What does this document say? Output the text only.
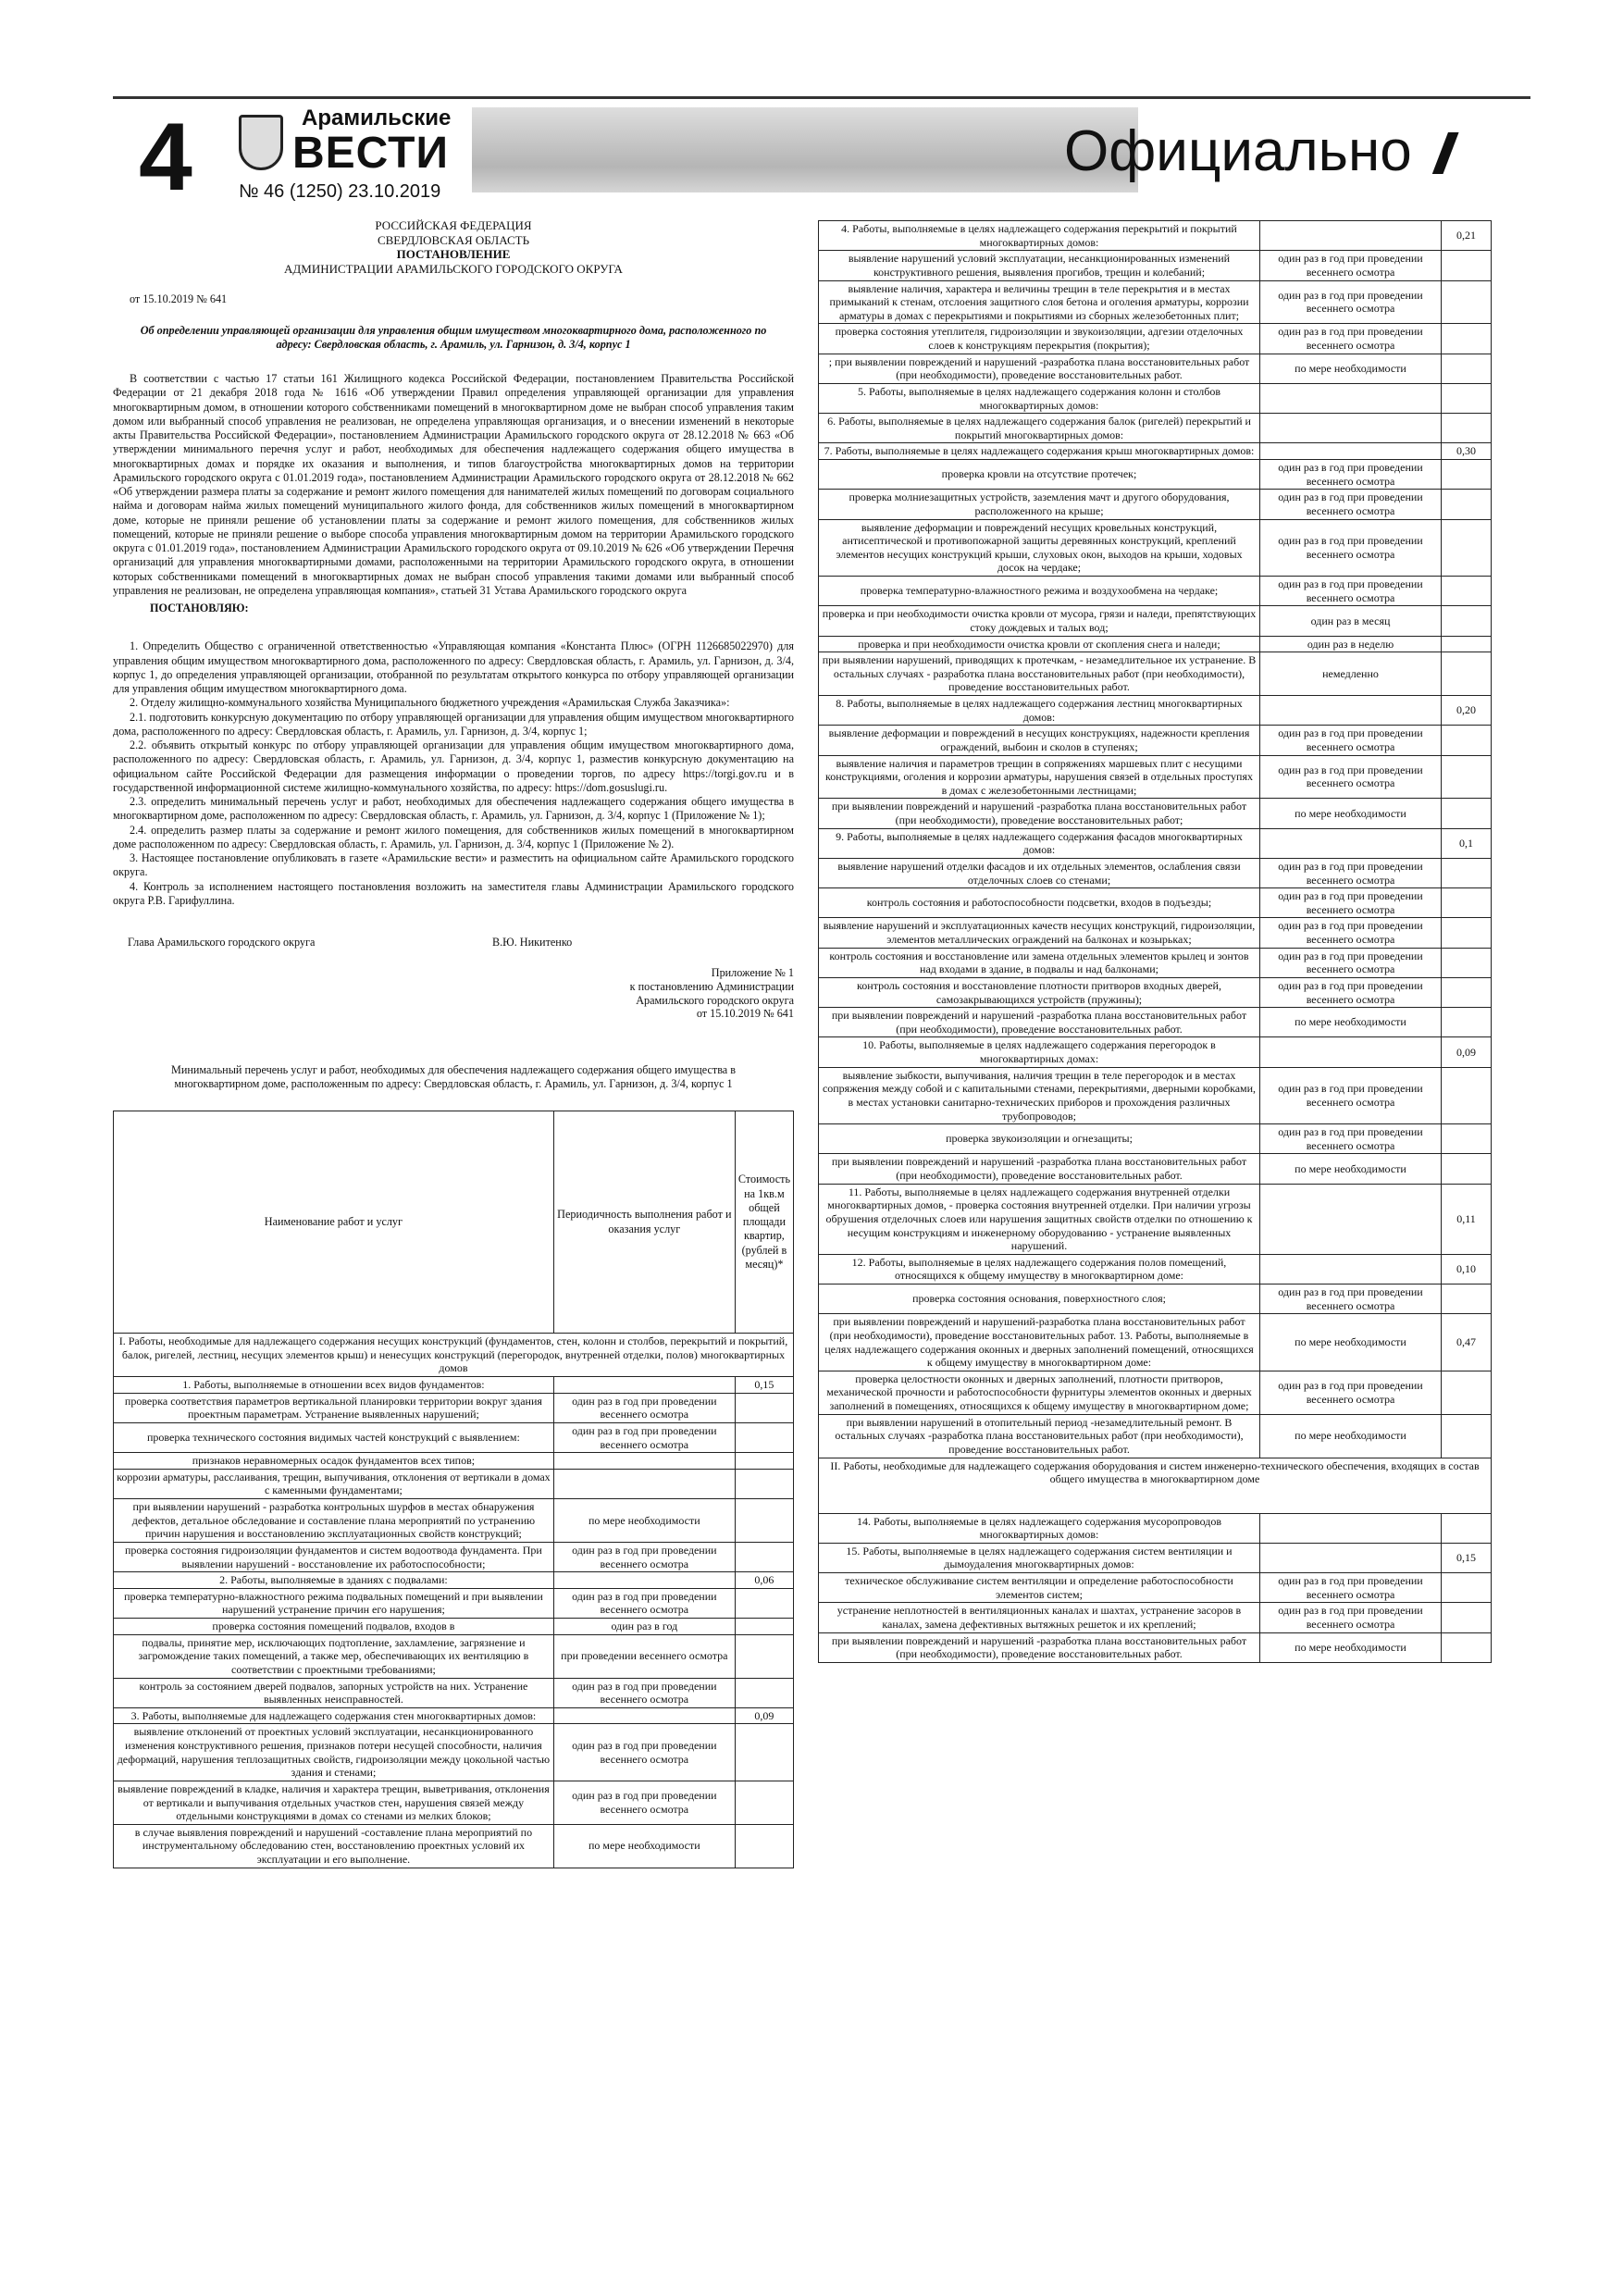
4	Арамильские
ВЕСТИ
№ 46 (1250) 23.10.2019
Официально //
РОССИЙСКАЯ ФЕДЕРАЦИЯ
СВЕРДЛОВСКАЯ ОБЛАСТЬ
ПОСТАНОВЛЕНИЕ
АДМИНИСТРАЦИИ АРАМИЛЬСКОГО ГОРОДСКОГО ОКРУГА
от 15.10.2019 № 641
Об определении управляющей организации для управления общим имуществом многоквартирного дома, расположенного по адресу: Свердловская область, г. Арамиль, ул. Гарнизон, д. 3/4, корпус 1
В соответствии с частью 17 статьи 161 Жилищного кодекса Российской Федерации, постановлением Правительства Российской Федерации от 21 декабря 2018 года № 1616 «Об утверждении Правил определения управляющей организации для управления многоквартирным домом, в отношении которого собственниками помещений в многоквартирном доме не выбран способ управления таким домом или выбранный способ управления не реализован, не определена управляющая организация, и о внесении изменений в некоторые акты Правительства Российской Федерации», постановлением Администрации Арамильского городского округа от 28.12.2018 № 663 «Об утверждении минимального перечня услуг и работ, необходимых для обеспечения надлежащего содержания общего имущества в многоквартирных домах и порядке их оказания и выполнения, и типов благоустройства многоквартирных домов на территории Арамильского городского округа с 01.01.2019 года», постановлением Администрации Арамильского городского округа от 28.12.2018 № 662 «Об утверждении размера платы за содержание и ремонт жилого помещения для нанимателей жилых помещений по договорам социального найма и договорам найма жилых помещений муниципального жилого фонда, для собственников жилых помещений в многоквартирном доме, которые не приняли решение об установлении платы за содержание и ремонт жилого помещения, для собственников жилых помещений, которые не приняли решение о выборе способа управления многоквартирным домом на территории Арамильского городского округа с 01.01.2019 года», постановлением Администрации Арамильского городского округа от 09.10.2019 № 626 «Об утверждении Перечня организаций для управления многоквартирными домами, расположенными на территории Арамильского городского округа, в отношении которых собственниками помещений в многоквартирных домах не выбран способ управления такими домами или выбранный способ управления не реализован, не определена управляющая компания», статьей 31 Устава Арамильского городского округа
ПОСТАНОВЛЯЮ:
1. Определить Общество с ограниченной ответственностью «Управляющая компания «Константа Плюс» (ОГРН 1126685022970) для управления общим имуществом многоквартирного дома, расположенного по адресу: Свердловская область, г. Арамиль, ул. Гарнизон, д. 3/4, корпус 1, до определения управляющей организации, отобранной по результатам открытого конкурса по отбору управляющей организации для управления общим имуществом многоквартирного дома.
2. Отделу жилищно-коммунального хозяйства Муниципального бюджетного учреждения «Арамильская Служба Заказчика»:
2.1. подготовить конкурсную документацию по отбору управляющей организации для управления общим имуществом многоквартирного дома, расположенного по адресу: Свердловская область, г. Арамиль, ул. Гарнизон, д. 3/4, корпус 1;
2.2. объявить открытый конкурс по отбору управляющей организации для управления общим имуществом многоквартирного дома, расположенного по адресу: Свердловская область, г. Арамиль, ул. Гарнизон, д. 3/4, корпус 1, разместив конкурсную документацию на официальном сайте Российской Федерации для размещения информации о проведении торгов, по адресу https://torgi.gov.ru и в государственной информационной системе жилищно-коммунального хозяйства, по адресу: https://dom.gosuslugi.ru.
2.3. определить минимальный перечень услуг и работ, необходимых для обеспечения надлежащего содержания общего имущества в многоквартирном доме, расположенном по адресу: Свердловская область, г. Арамиль, ул. Гарнизон, д. 3/4, корпус 1 (Приложение № 1);
2.4. определить размер платы за содержание и ремонт жилого помещения, для собственников жилых помещений в многоквартирном доме расположенном по адресу: Свердловская область, г. Арамиль, ул. Гарнизон, д. 3/4, корпус 1 (Приложение № 2).
3. Настоящее постановление опубликовать в газете «Арамильские вести» и разместить на официальном сайте Арамильского городского округа.
4. Контроль за исполнением настоящего постановления возложить на заместителя главы Администрации Арамильского городского округа Р.В. Гарифуллина.
Глава Арамильского городского округа	В.Ю. Никитенко
Приложение № 1
к постановлению Администрации
Арамильского городского округа
от 15.10.2019 № 641
Минимальный перечень услуг и работ, необходимых для обеспечения надлежащего содержания общего имущества в многоквартирном доме, расположенным по адресу: Свердловская область, г. Арамиль, ул. Гарнизон, д. 3/4, корпус 1
Наименование работ и услуг	Периодичность выполнения работ и оказания услуг	Стоимость на 1кв.м общей площади квартир, (рублей в месяц)*
I. Работы, необходимые для надлежащего содержания несущих конструкций (фундаментов, стен, колонн и столбов, перекрытий и покрытий, балок, ригелей, лестниц, несущих элементов крыш) и ненесущих конструкций (перегородок, внутренней отделки, полов) многоквартирных домов		
1. Работы, выполняемые в отношении всех видов фундаментов:		0,15
проверка соответствия параметров вертикальной планировки территории вокруг здания проектным параметрам. Устранение выявленных нарушений;	один раз в год при проведении весеннего осмотра	
проверка технического состояния видимых частей конструкций с выявлением:	один раз в год при проведении весеннего осмотра	
признаков неравномерных осадок фундаментов всех типов;		
коррозии арматуры, расслаивания, трещин, выпучивания, отклонения от вертикали в домах с каменными фундаментами;		
при выявлении нарушений - разработка контрольных шурфов в местах обнаружения дефектов, детальное обследование и составление плана мероприятий по устранению причин нарушения и восстановлению эксплуатационных свойств конструкций;	по мере необходимости	
проверка состояния гидроизоляции фундаментов и систем водоотвода фундамента. При выявлении нарушений - восстановление их работоспособности;	один раз в год при проведении весеннего осмотра	
2. Работы, выполняемые в зданиях с подвалами:		0,06
проверка температурно-влажностного режима подвальных помещений и при выявлении нарушений устранение причин его нарушения;	один раз в год при проведении весеннего осмотра	
проверка состояния помещений подвалов, входов в	один раз в год	
подвалы, принятие мер, исключающих подтопление, захламление, загрязнение и загромождение таких помещений, а также мер, обеспечивающих их вентиляцию в соответствии с проектными требованиями;	при проведении весеннего осмотра	
контроль за состоянием дверей подвалов, запорных устройств на них. Устранение выявленных неисправностей.	один раз в год при проведении весеннего осмотра	
3. Работы, выполняемые для надлежащего содержания стен многоквартирных домов:		0,09
выявление отклонений от проектных условий эксплуатации, несанкционированного изменения конструктивного решения, признаков потери несущей способности, наличия деформаций, нарушения теплозащитных свойств, гидроизоляции между цокольной частью здания и стенами;	один раз в год при проведении весеннего осмотра	
выявление повреждений в кладке, наличия и характера трещин, выветривания, отклонения от вертикали и выпучивания отдельных участков стен, нарушения связей между отдельными конструкциями в домах со стенами из мелких блоков;	один раз в год при проведении весеннего осмотра	
в случае выявления повреждений и нарушений -составление плана мероприятий по инструментальному обследованию стен, восстановлению проектных условий их эксплуатации и его выполнение.	по мере необходимости	
4. Работы, выполняемые в целях надлежащего содержания перекрытий и покрытий многоквартирных домов:		0,21
выявление нарушений условий эксплуатации, несанкционированных изменений конструктивного решения, выявления прогибов, трещин и колебаний;	один раз в год при проведении весеннего осмотра	
выявление наличия, характера и величины трещин в теле перекрытия и в местах примыканий к стенам, отслоения защитного слоя бетона и оголения арматуры, коррозии арматуры в домах с перекрытиями и покрытиями из сборных железобетонных плит;	один раз в год при проведении весеннего осмотра	
проверка состояния утеплителя, гидроизоляции и звукоизоляции, адгезии отделочных слоев к конструкциям перекрытия (покрытия);	один раз в год при проведении весеннего осмотра	
; при выявлении повреждений и нарушений -разработка плана восстановительных работ (при необходимости), проведение восстановительных работ.	по мере необходимости	
5. Работы, выполняемые в целях надлежащего содержания колонн и столбов многоквартирных домов:		
6. Работы, выполняемые в целях надлежащего содержания балок (ригелей) перекрытий и покрытий многоквартирных домов:		
7. Работы, выполняемые в целях надлежащего содержания крыш многоквартирных домов:		0,30
проверка кровли на отсутствие протечек;	один раз в год при проведении весеннего осмотра	
проверка молниезащитных устройств, заземления мачт и другого оборудования, расположенного на крыше;	один раз в год при проведении весеннего осмотра	
выявление деформации и повреждений несущих кровельных конструкций, антисептической и противопожарной защиты деревянных конструкций, креплений элементов несущих конструкций крыши, слуховых окон, выходов на крыши, ходовых досок на чердаке;	один раз в год при проведении весеннего осмотра	
проверка температурно-влажностного режима и воздухообмена на чердаке;	один раз в год при проведении весеннего осмотра	
проверка и при необходимости очистка кровли от мусора, грязи и наледи, препятствующих стоку дождевых и талых вод;	один раз в месяц	
проверка и при необходимости очистка кровли от скопления снега и наледи;	один раз в неделю	
при выявлении нарушений, приводящих к протечкам, - незамедлительное их устранение. В остальных случаях - разработка плана восстановительных работ (при необходимости), проведение восстановительных работ.	немедленно	
8. Работы, выполняемые в целях надлежащего содержания лестниц многоквартирных домов:		0,20
выявление деформации и повреждений в несущих конструкциях, надежности крепления ограждений, выбоин и сколов в ступенях;	один раз в год при проведении весеннего осмотра	
выявление наличия и параметров трещин в сопряжениях маршевых плит с несущими конструкциями, оголения и коррозии арматуры, нарушения связей в отдельных проступях в домах с железобетонными лестницами;	один раз в год при проведении весеннего осмотра	
при выявлении повреждений и нарушений -разработка плана восстановительных работ (при необходимости), проведение восстановительных работ;	по мере необходимости	
9. Работы, выполняемые в целях надлежащего содержания фасадов многоквартирных домов:		0,1
выявление нарушений отделки фасадов и их отдельных элементов, ослабления связи отделочных слоев со стенами;	один раз в год при проведении весеннего осмотра	
контроль состояния и работоспособности подсветки, входов в подъезды;	один раз в год при проведении весеннего осмотра	
выявление нарушений и эксплуатационных качеств несущих конструкций, гидроизоляции, элементов металлических ограждений на балконах и козырьках;	один раз в год при проведении весеннего осмотра	
контроль состояния и восстановление или замена отдельных элементов крылец и зонтов над входами в здание, в подвалы и над балконами;	один раз в год при проведении весеннего осмотра	
контроль состояния и восстановление плотности притворов входных дверей, самозакрывающихся устройств (пружины);	один раз в год при проведении весеннего осмотра	
при выявлении повреждений и нарушений -разработка плана восстановительных работ (при необходимости), проведение восстановительных работ.	по мере необходимости	
10. Работы, выполняемые в целях надлежащего содержания перегородок в многоквартирных домах:		0,09
выявление зыбкости, выпучивания, наличия трещин в теле перегородок и в местах сопряжения между собой и с капитальными стенами, перекрытиями, дверными коробками, в местах установки санитарно-технических приборов и прохождения различных трубопроводов;	один раз в год при проведении весеннего осмотра	
проверка звукоизоляции и огнезащиты;	один раз в год при проведении весеннего осмотра	
при выявлении повреждений и нарушений -разработка плана восстановительных работ (при необходимости), проведение восстановительных работ.	по мере необходимости	
11. Работы, выполняемые в целях надлежащего содержания внутренней отделки многоквартирных домов, - проверка состояния внутренней отделки. При наличии угрозы обрушения отделочных слоев или нарушения защитных свойств отделки по отношению к несущим конструкциям и инженерному оборудованию - устранение выявленных нарушений.		0,11
12. Работы, выполняемые в целях надлежащего содержания полов помещений, относящихся к общему имуществу в многоквартирном доме:		0,10
проверка состояния основания, поверхностного слоя;	один раз в год при проведении весеннего осмотра	
при выявлении повреждений и нарушений-разработка плана восстановительных работ (при необходимости), проведение восстановительных работ. 13. Работы, выполняемые в целях надлежащего содержания оконных и дверных заполнений помещений, относящихся к общему имуществу в многоквартирном доме:	по мере необходимости	0,47
проверка целостности оконных и дверных заполнений, плотности притворов, механической прочности и работоспособности фурнитуры элементов оконных и дверных заполнений в помещениях, относящихся к общему имуществу в многоквартирном доме;	один раз в год при проведении весеннего осмотра	
при выявлении нарушений в отопительный период -незамедлительный ремонт. В остальных случаях -разработка плана восстановительных работ (при необходимости), проведение восстановительных работ.	по мере необходимости	
II. Работы, необходимые для надлежащего содержания оборудования и систем инженерно-технического обеспечения, входящих в состав общего имущества в многоквартирном доме		
14. Работы, выполняемые в целях надлежащего содержания мусоропроводов многоквартирных домов:		
15. Работы, выполняемые в целях надлежащего содержания систем вентиляции и дымоудаления многоквартирных домов:		0,15
техническое обслуживание систем вентиляции и определение работоспособности элементов систем;	один раз в год при проведении весеннего осмотра	
устранение неплотностей в вентиляционных каналах и шахтах, устранение засоров в каналах, замена дефективных вытяжных решеток и их креплений;	один раз в год при проведении весеннего осмотра	
при выявлении повреждений и нарушений -разработка плана восстановительных работ (при необходимости), проведение восстановительных работ.	по мере необходимости	
